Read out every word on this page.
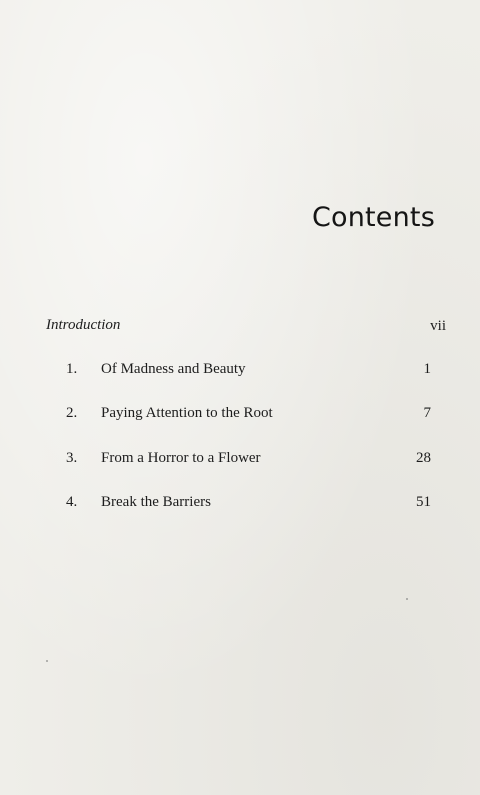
Contents
Introduction	vii
1. Of Madness and Beauty	1
2. Paying Attention to the Root	7
3. From a Horror to a Flower	28
4. Break the Barriers	51
